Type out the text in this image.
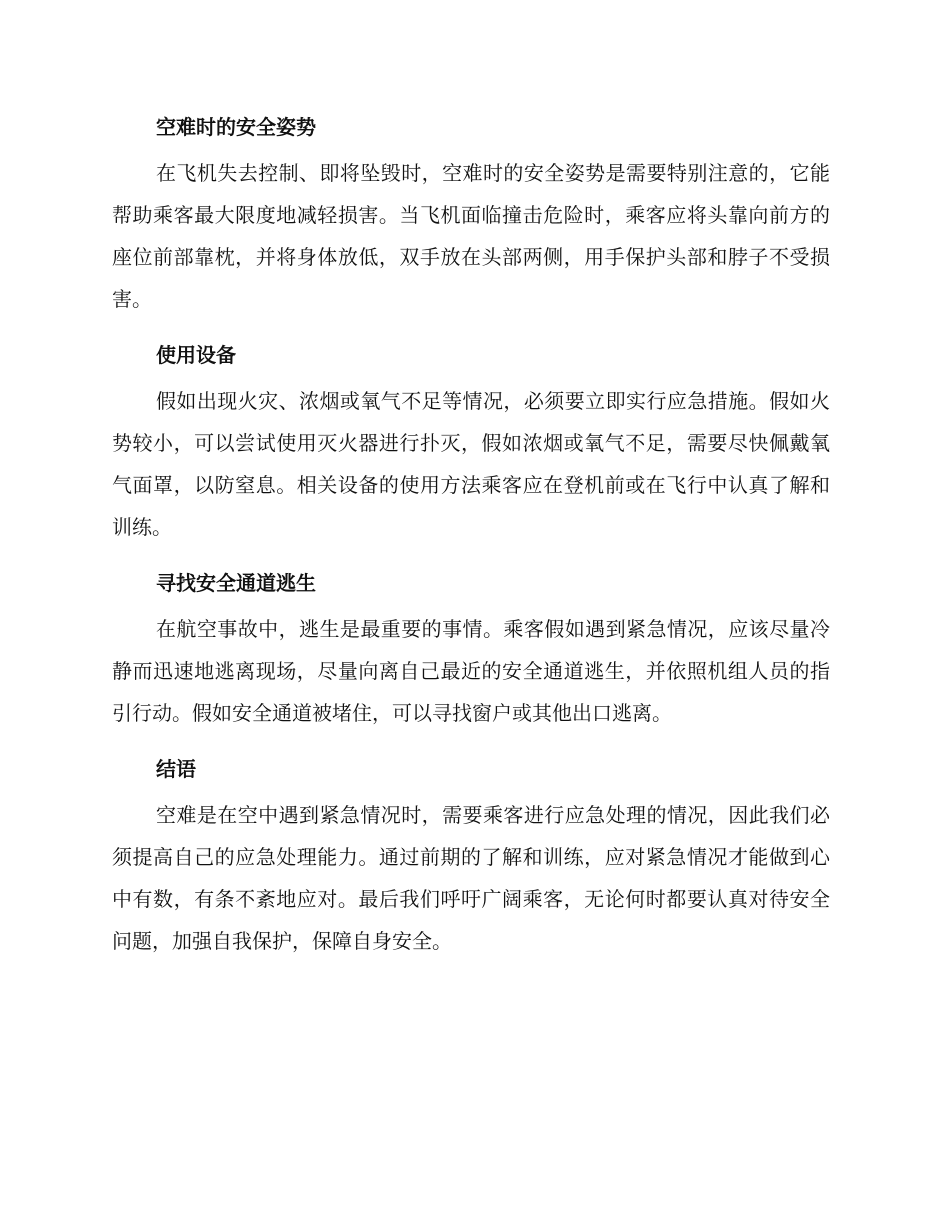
空难时的安全姿势

在飞机失去控制、即将坠毁时，空难时的安全姿势是需要特别注意的，它能帮助乘客最大限度地减轻损害。当飞机面临撞击危险时，乘客应将头靠向前方的座位前部靠枕，并将身体放低，双手放在头部两侧，用手保护头部和脖子不受损害。

使用设备

假如出现火灾、浓烟或氧气不足等情况，必须要立即实行应急措施。假如火势较小，可以尝试使用灭火器进行扑灭，假如浓烟或氧气不足，需要尽快佩戴氧气面罩，以防窒息。相关设备的使用方法乘客应在登机前或在飞行中认真了解和训练。

寻找安全通道逃生

在航空事故中，逃生是最重要的事情。乘客假如遇到紧急情况，应该尽量冷静而迅速地逃离现场，尽量向离自己最近的安全通道逃生，并依照机组人员的指引行动。假如安全通道被堵住，可以寻找窗户或其他出口逃离。

结语

空难是在空中遇到紧急情况时，需要乘客进行应急处理的情况，因此我们必须提高自己的应急处理能力。通过前期的了解和训练，应对紧急情况才能做到心中有数，有条不紊地应对。最后我们呼吁广阔乘客，无论何时都要认真对待安全问题，加强自我保护，保障自身安全。
